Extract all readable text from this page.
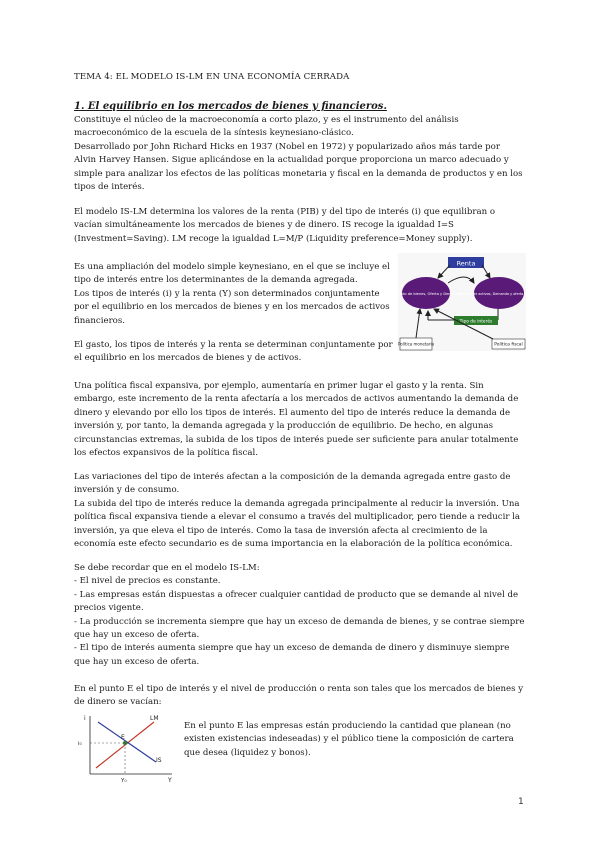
TEMA 4: EL MODELO IS-LM EN UNA ECONOMÍA CERRADA

1. El equilibrio en los mercados de bienes y financieros.

Constituye el núcleo de la macroeconomía a corto plazo, y es el instrumento del análisis
macroeconómico de la escuela de la síntesis keynesiano-clásico.
Desarrollado por John Richard Hicks en 1937 (Nobel en 1972) y popularizado años más tarde por
Alvin Harvey Hansen. Sigue aplicándose en la actualidad porque proporciona un marco adecuado y
simple para analizar los efectos de las políticas monetaria y fiscal en la demanda de productos y en los
tipos de interés.
El modelo IS-LM determina los valores de la renta (PIB) y del tipo de interés (i) que equilibran o
vacían simultáneamente los mercados de bienes y de dinero. IS recoge la igualdad I=S
(Investment=Saving). LM recoge la igualdad L=M/P (Liquidity preference=Money supply).
Es una ampliación del modelo simple keynesiano, en el que se incluye el
tipo de interés entre los determinantes de la demanda agregada.
Los tipos de interés (i) y la renta (Y) son determinados conjuntamente
por el equilibrio en los mercados de bienes y en los mercados de activos
financieros.
Renta
Mercado de bienes, Oferta y Demanda
Mercado de activos, Demanda y oferta de dinero
Tipo de interés
Política monetaria	Política fiscal
El gasto, los tipos de interés y la renta se determinan conjuntamente por
el equilibrio en los mercados de bienes y de activos.
Una política fiscal expansiva, por ejemplo, aumentaría en primer lugar el gasto y la renta. Sin
embargo, este incremento de la renta afectaría a los mercados de activos aumentando la demanda de
dinero y elevando por ello los tipos de interés. El aumento del tipo de interés reduce la demanda de
inversión y, por tanto, la demanda agregada y la producción de equilibrio. De hecho, en algunas
circunstancias extremas, la subida de los tipos de interés puede ser suficiente para anular totalmente
los efectos expansivos de la política fiscal.
Las variaciones del tipo de interés afectan a la composición de la demanda agregada entre gasto de
inversión y de consumo.
La subida del tipo de interés reduce la demanda agregada principalmente al reducir la inversión. Una
política fiscal expansiva tiende a elevar el consumo a través del multiplicador, pero tiende a reducir la
inversión, ya que eleva el tipo de interés. Como la tasa de inversión afecta al crecimiento de la
economía este efecto secundario es de suma importancia en la elaboración de la política económica.
Se debe recordar que en el modelo IS-LM:
- El nivel de precios es constante.
- Las empresas están dispuestas a ofrecer cualquier cantidad de producto que se demande al nivel de
precios vigente.
- La producción se incrementa siempre que hay un exceso de demanda de bienes, y se contrae siempre
que hay un exceso de oferta.
- El tipo de interés aumenta siempre que hay un exceso de demanda de dinero y disminuye siempre
que hay un exceso de oferta.
En el punto E el tipo de interés y el nivel de producción o renta son tales que los mercados de bienes y
de dinero se vacían:
LM
IS
E
i₀
i
Y₀	Y
En el punto E las empresas están produciendo la cantidad que planean (no
existen existencias indeseadas) y el público tiene la composición de cartera
que desea (liquidez y bonos).
1
